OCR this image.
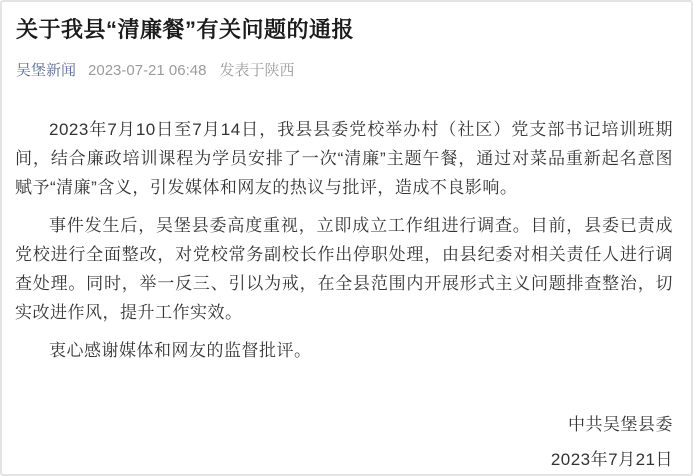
关于我县“清廉餐”有关问题的通报
吴堡新闻 2023-07-21 06:48 发表于陕西

2023年7月10日至7月14日，我县县委党校举办村（社区）党支部书记培训班期间，结合廉政培训课程为学员安排了一次“清廉”主题午餐，通过对菜品重新起名意图赋予“清廉”含义，引发媒体和网友的热议与批评，造成不良影响。

事件发生后，吴堡县委高度重视，立即成立工作组进行调查。目前，县委已责成党校进行全面整改，对党校常务副校长作出停职处理，由县纪委对相关责任人进行调查处理。同时，举一反三、引以为戒，在全县范围内开展形式主义问题排查整治，切实改进作风，提升工作实效。

衷心感谢媒体和网友的监督批评。

中共吴堡县委

2023年7月21日
